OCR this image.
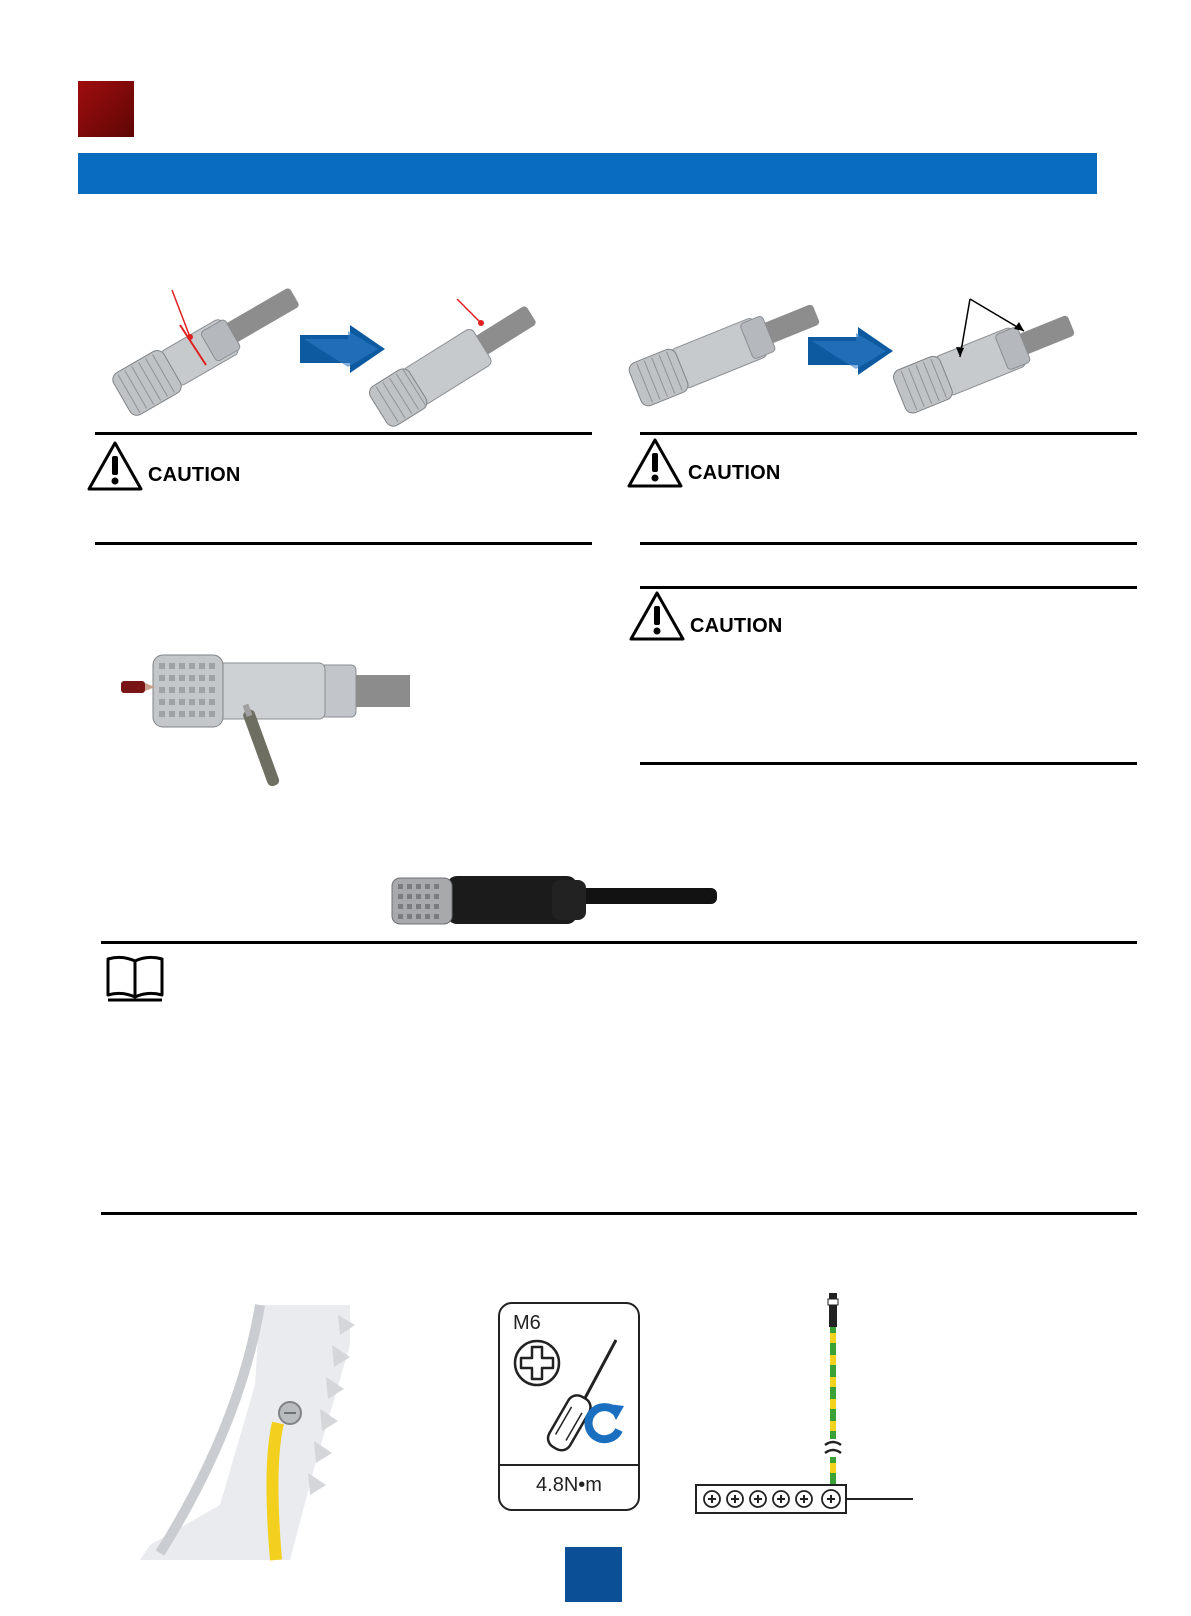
CAUTION	CAUTION
CAUTION
M6
4.8N•m
